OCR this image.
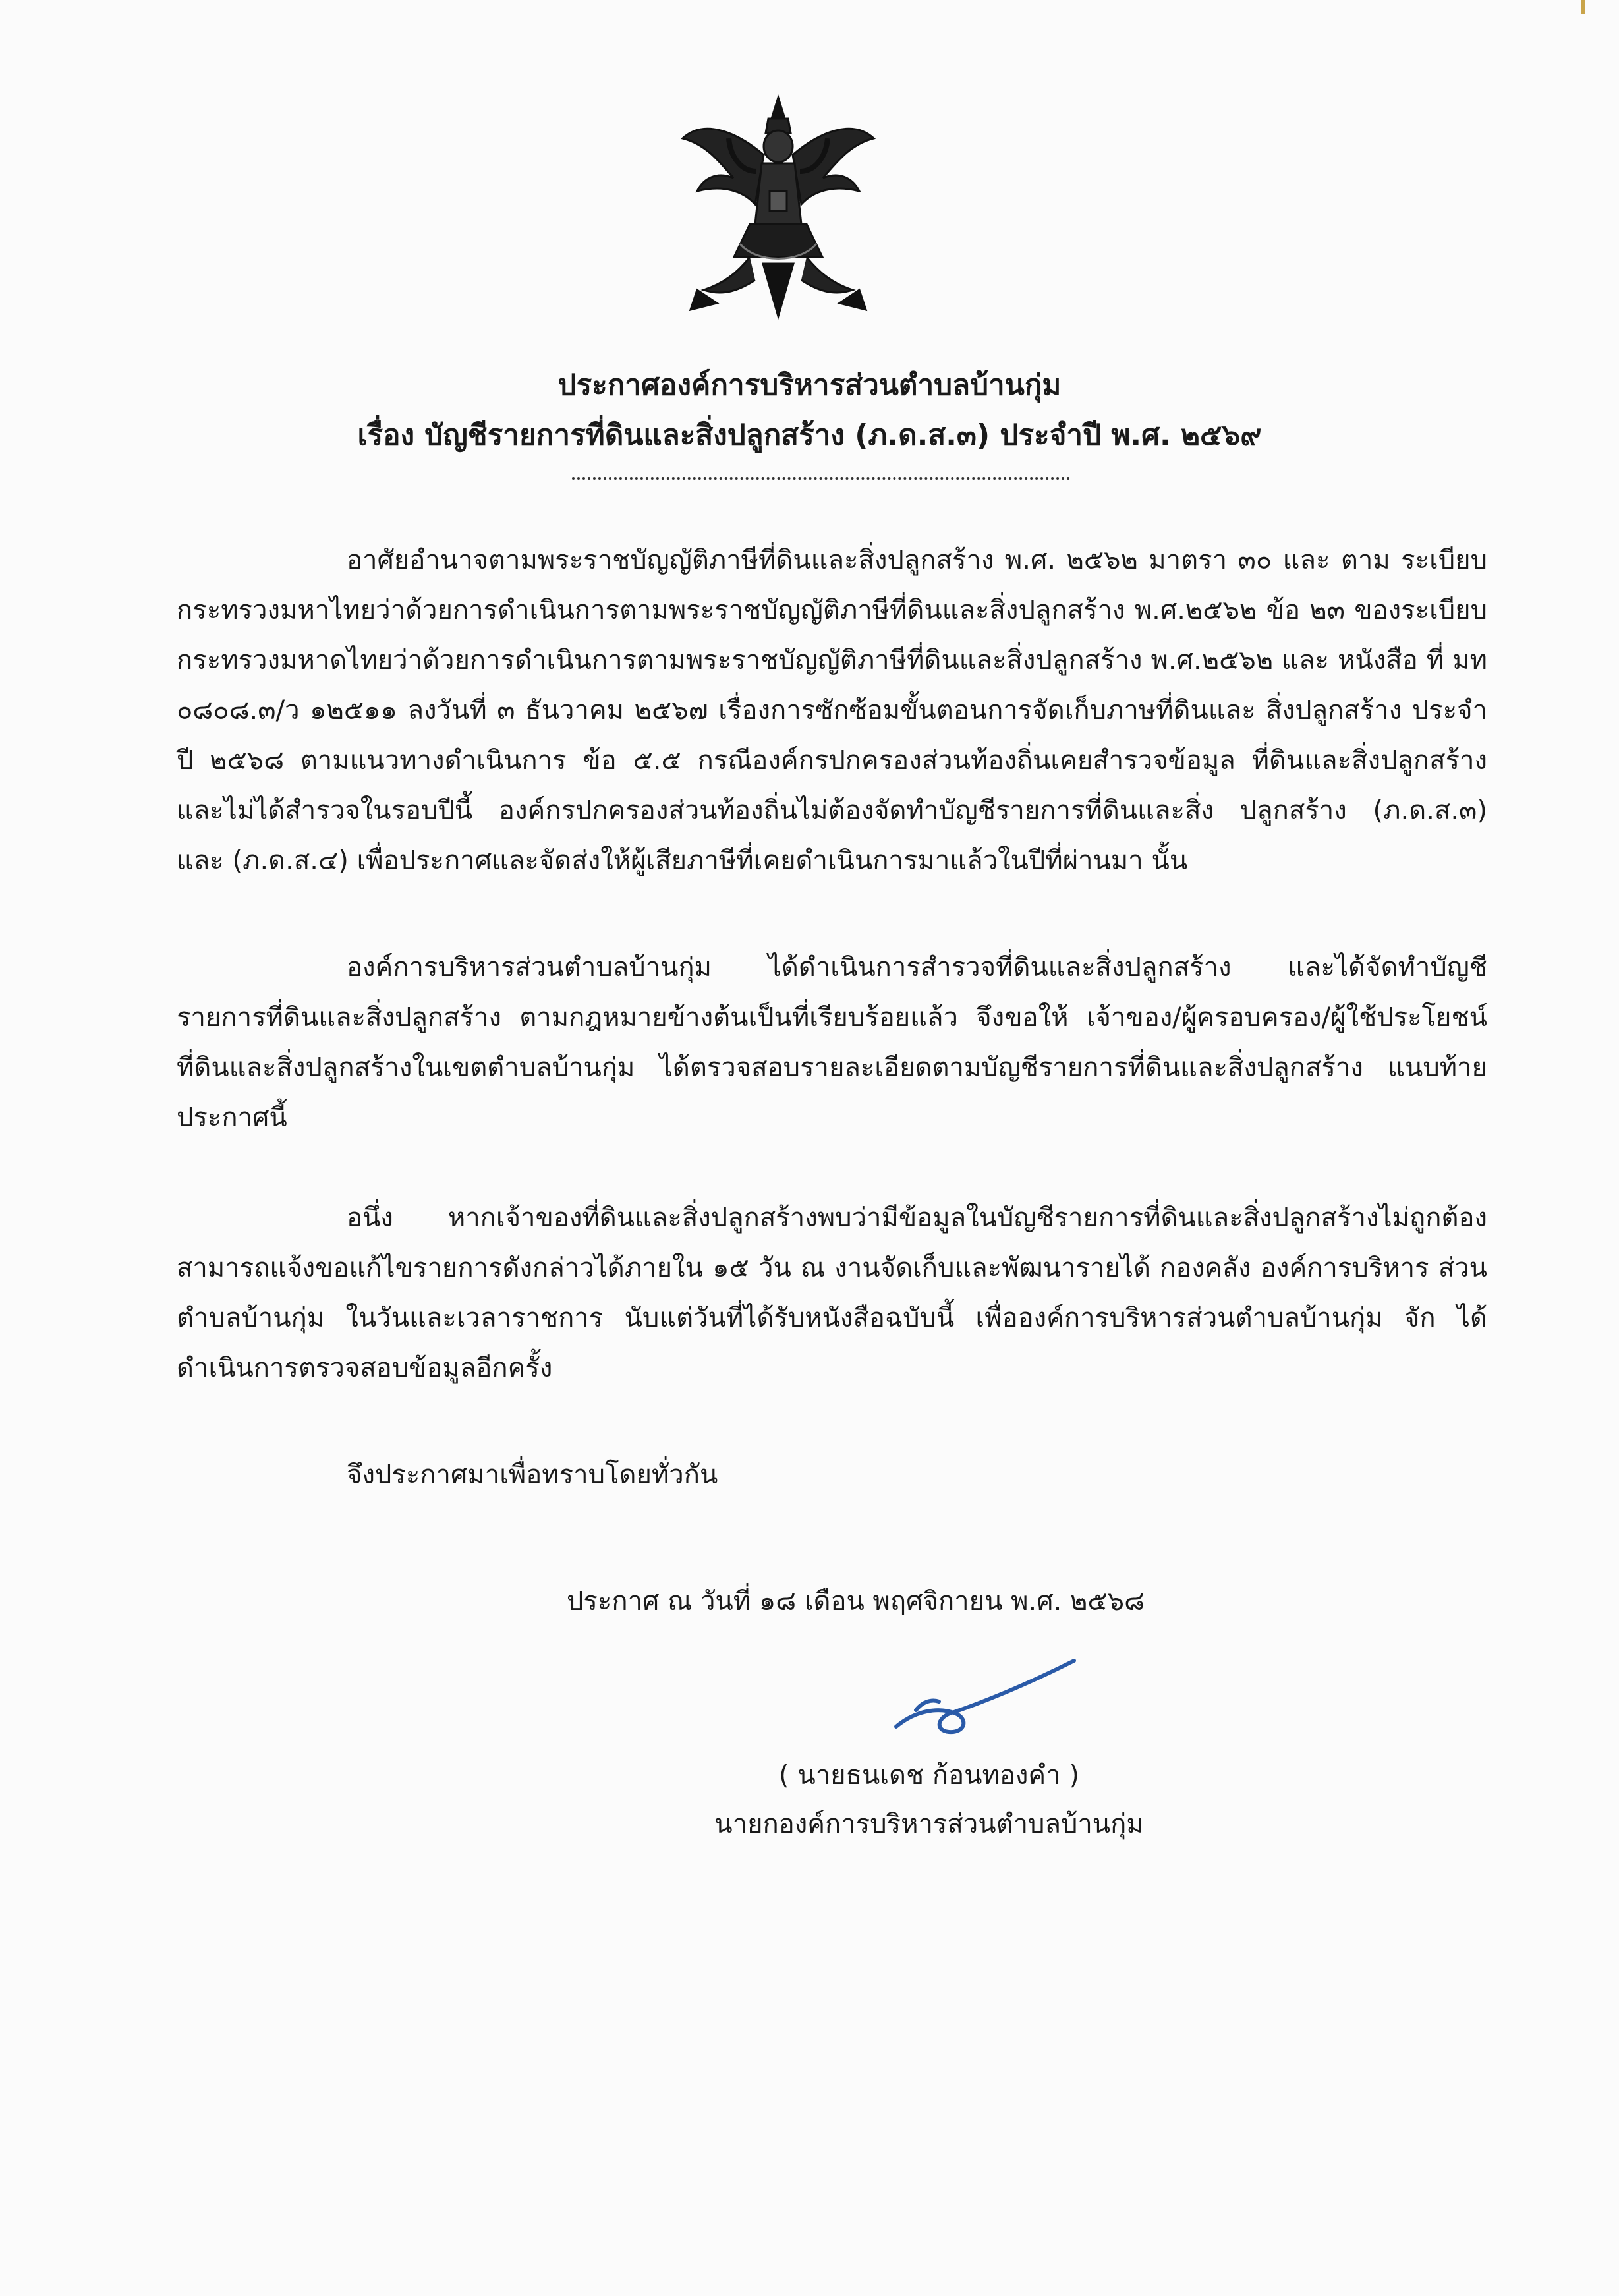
ประกาศองค์การบริหารส่วนตำบลบ้านกุ่ม
เรื่อง บัญชีรายการที่ดินและสิ่งปลูกสร้าง (ภ.ด.ส.๓) ประจำปี พ.ศ. ๒๕๖๙

อาศัยอำนาจตามพระราชบัญญัติภาษีที่ดินและสิ่งปลูกสร้าง พ.ศ. ๒๕๖๒ มาตรา ๓๐ และ ตาม ระเบียบกระทรวงมหาไทยว่าด้วยการดำเนินการตามพระราชบัญญัติภาษีที่ดินและสิ่งปลูกสร้าง พ.ศ.๒๕๖๒ ข้อ ๒๓ ของระเบียบกระทรวงมหาดไทยว่าด้วยการดำเนินการตามพระราชบัญญัติภาษีที่ดินและสิ่งปลูกสร้าง พ.ศ.๒๕๖๒ และ หนังสือ ที่ มท ๐๘๐๘.๓/ว ๑๒๕๑๑ ลงวันที่ ๓ ธันวาคม ๒๕๖๗ เรื่องการซักซ้อมขั้นตอนการจัดเก็บภาษที่ดินและ สิ่งปลูกสร้าง ประจำปี ๒๕๖๘ ตามแนวทางดำเนินการ ข้อ ๕.๕ กรณีองค์กรปกครองส่วนท้องถิ่นเคยสำรวจข้อมูล ที่ดินและสิ่งปลูกสร้าง และไม่ได้สำรวจในรอบปีนี้ องค์กรปกครองส่วนท้องถิ่นไม่ต้องจัดทำบัญชีรายการที่ดินและสิ่ง ปลูกสร้าง (ภ.ด.ส.๓) และ (ภ.ด.ส.๔) เพื่อประกาศและจัดส่งให้ผู้เสียภาษีที่เคยดำเนินการมาแล้วในปีที่ผ่านมา นั้น

องค์การบริหารส่วนตำบลบ้านกุ่ม ได้ดำเนินการสำรวจที่ดินและสิ่งปลูกสร้าง และได้จัดทำบัญชี รายการที่ดินและสิ่งปลูกสร้าง ตามกฎหมายข้างต้นเป็นที่เรียบร้อยแล้ว จึงขอให้ เจ้าของ/ผู้ครอบครอง/ผู้ใช้ประโยชน์ ที่ดินและสิ่งปลูกสร้างในเขตตำบลบ้านกุ่ม ได้ตรวจสอบรายละเอียดตามบัญชีรายการที่ดินและสิ่งปลูกสร้าง แนบท้าย ประกาศนี้

อนึ่ง หากเจ้าของที่ดินและสิ่งปลูกสร้างพบว่ามีข้อมูลในบัญชีรายการที่ดินและสิ่งปลูกสร้างไม่ถูกต้อง สามารถแจ้งขอแก้ไขรายการดังกล่าวได้ภายใน ๑๕ วัน ณ งานจัดเก็บและพัฒนารายได้ กองคลัง องค์การบริหาร ส่วนตำบลบ้านกุ่ม ในวันและเวลาราชการ นับแต่วันที่ได้รับหนังสือฉบับนี้ เพื่อองค์การบริหารส่วนตำบลบ้านกุ่ม จัก ได้ดำเนินการตรวจสอบข้อมูลอีกครั้ง

จึงประกาศมาเพื่อทราบโดยทั่วกัน

ประกาศ ณ วันที่ ๑๘ เดือน พฤศจิกายน พ.ศ. ๒๕๖๘
( นายธนเดช ก้อนทองคำ )
นายกองค์การบริหารส่วนตำบลบ้านกุ่ม
